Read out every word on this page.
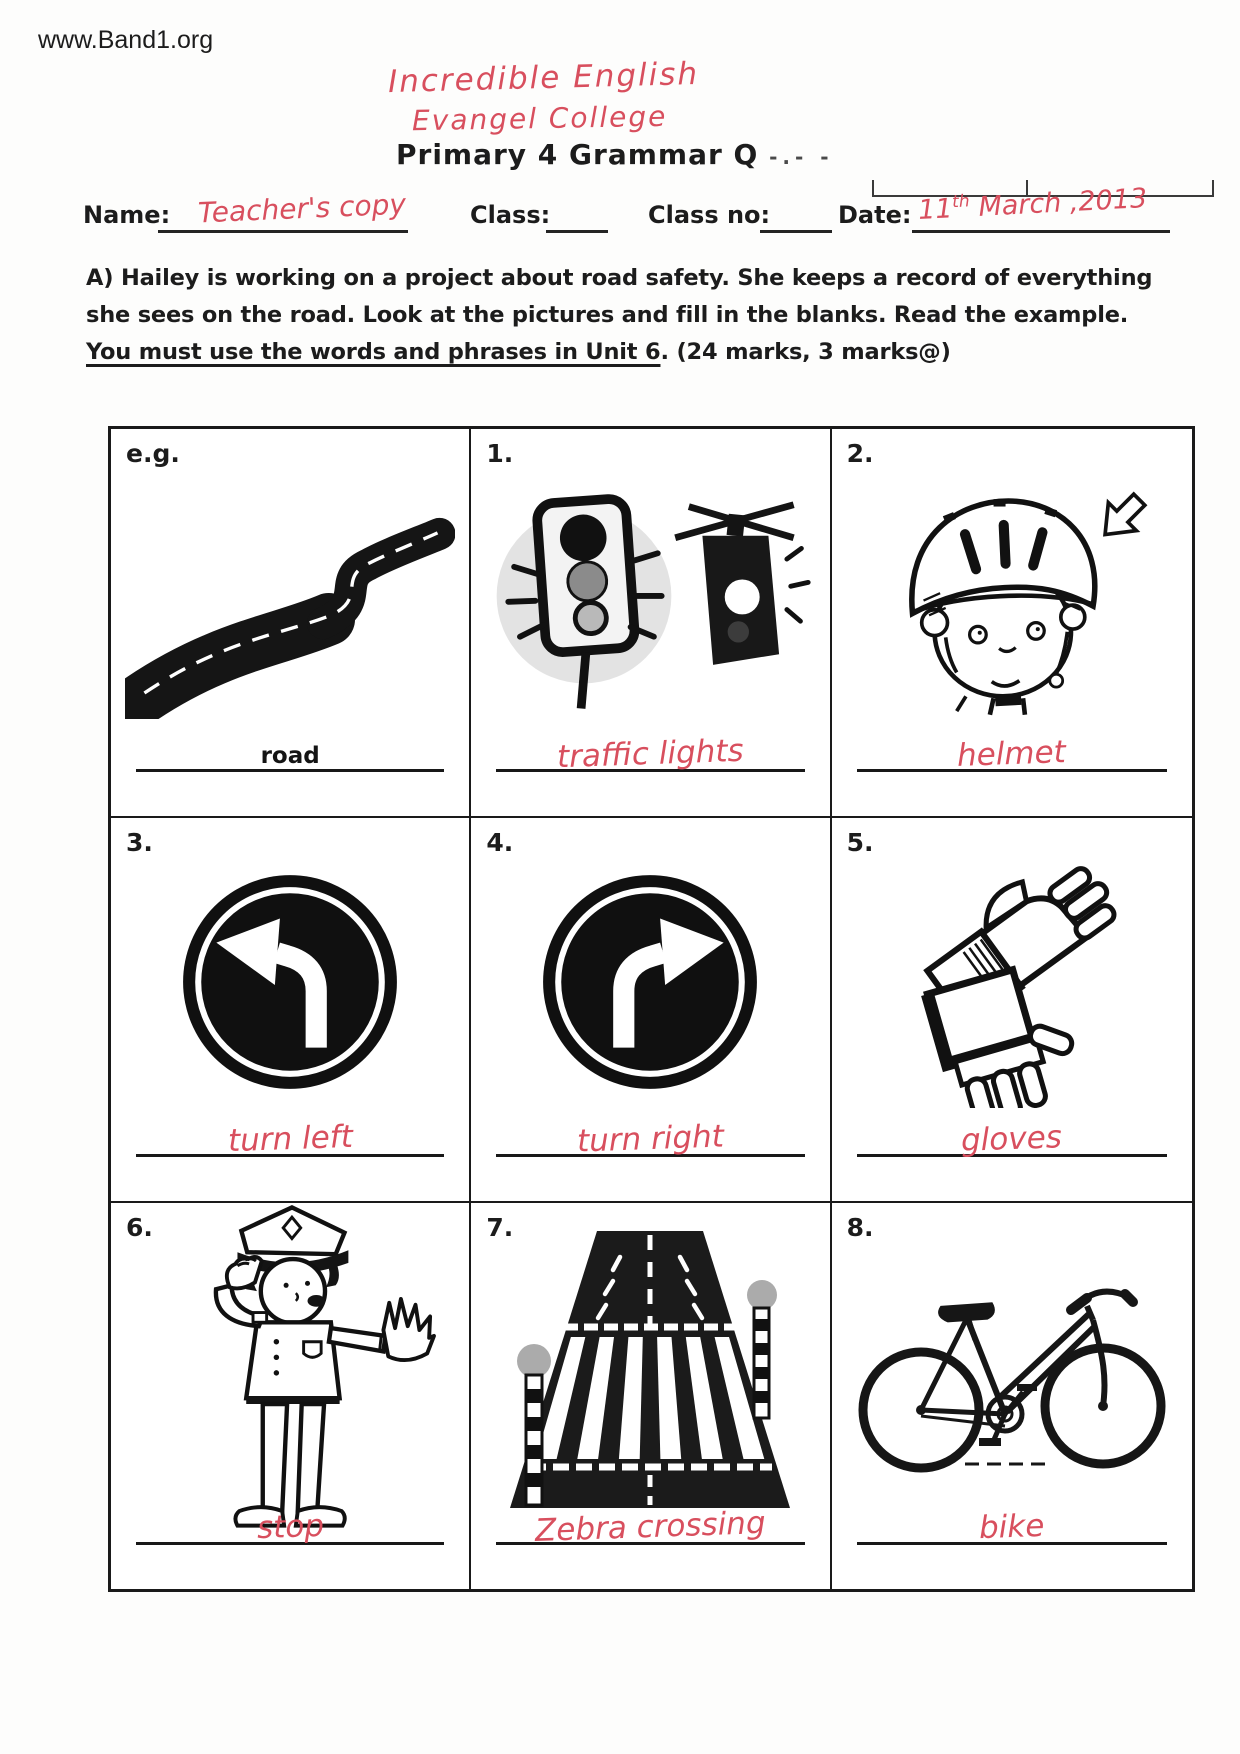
www.Band1.org
Incredible English
Evangel College
Primary 4 Grammar Q -.- -
Name: Teacher's copy	Class:	Class no:	Date: 11th March ,2013
A) Hailey is working on a project about road safety. She keeps a record of everything she sees on the road. Look at the pictures and fill in the blanks. Read the example. You must use the words and phrases in Unit 6. (24 marks, 3 marks@)
e.g.
road
1.
traffic lights
2.
helmet
3.
turn left
4.
turn right
5.
gloves
6.
stop
7.
Zebra crossing
8.
bike
